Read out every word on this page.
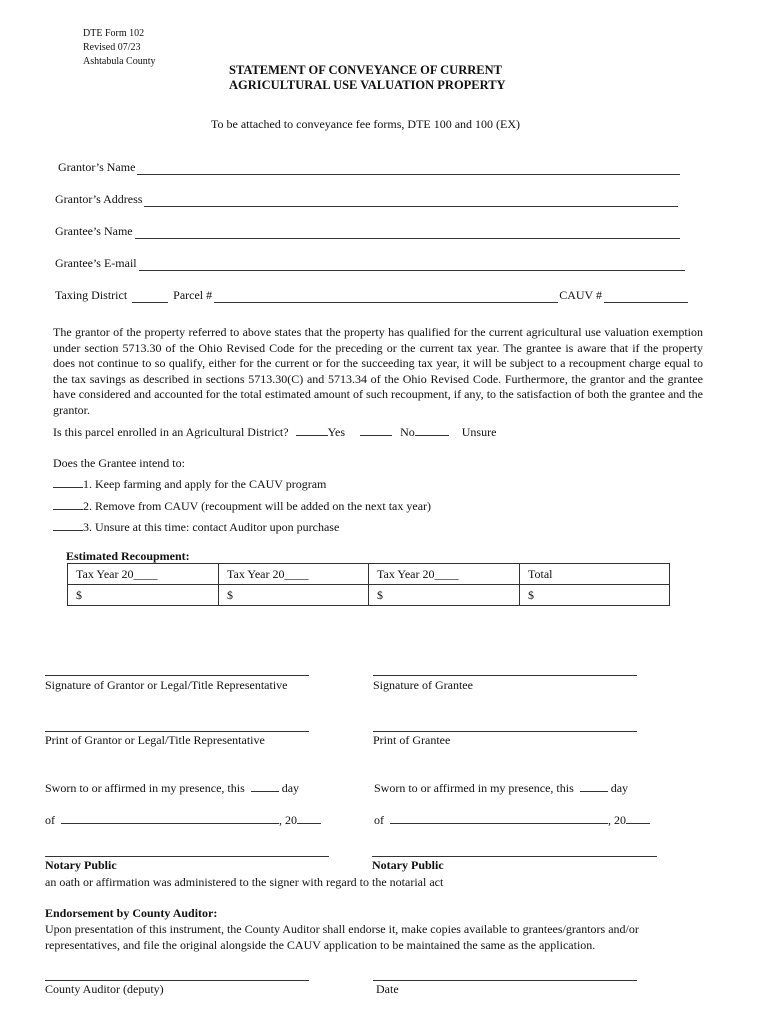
DTE Form 102
Revised 07/23
Ashtabula County
STATEMENT OF CONVEYANCE OF CURRENT
AGRICULTURAL USE VALUATION PROPERTY
To be attached to conveyance fee forms, DTE 100 and 100 (EX)
Grantor’s Name
Grantor’s Address
Grantee’s Name
Grantee’s E-mail
Taxing District	Parcel #	CAUV #
The grantor of the property referred to above states that the property has qualified for the current agricultural use valuation exemption under section 5713.30 of the Ohio Revised Code for the preceding or the current tax year. The grantee is aware that if the property does not continue to so qualify, either for the current or for the succeeding tax year, it will be subject to a recoupment charge equal to the tax savings as described in sections 5713.30(C) and 5713.34 of the Ohio Revised Code. Furthermore, the grantor and the grantee have considered and accounted for the total estimated amount of such recoupment, if any, to the satisfaction of both the grantee and the grantor.
Is this parcel enrolled in an Agricultural District?	Yes	No	Unsure
Does the Grantee intend to:
1. Keep farming and apply for the CAUV program
2. Remove from CAUV (recoupment will be added on the next tax year)
3. Unsure at this time: contact Auditor upon purchase
Estimated Recoupment:
Tax Year 20____	Tax Year 20____	Tax Year 20____	Total
$	$	$	$
Signature of Grantor or Legal/Title Representative	Signature of Grantee
Print of Grantor or Legal/Title Representative	Print of Grantee
Sworn to or affirmed in my presence, this	day	Sworn to or affirmed in my presence, this	day
of	, 20	of	, 20
Notary Public	Notary Public
an oath or affirmation was administered to the signer with regard to the notarial act
Endorsement by County Auditor:
Upon presentation of this instrument, the County Auditor shall endorse it, make copies available to grantees/grantors and/or representatives, and file the original alongside the CAUV application to be maintained the same as the application.
County Auditor (deputy)	Date
